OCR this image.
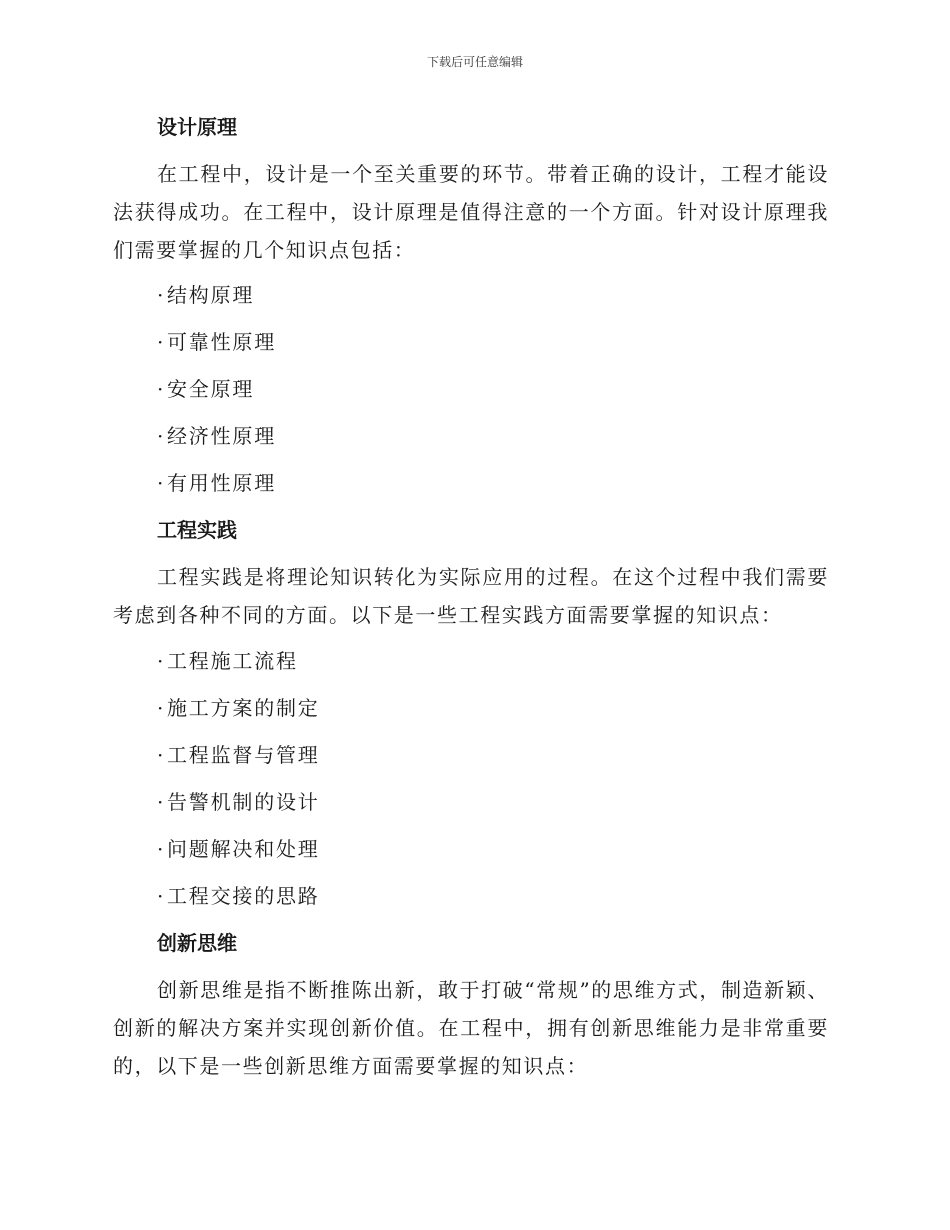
下载后可任意编辑
设计原理
在工程中，设计是一个至关重要的环节。带着正确的设计，工程才能设法获得成功。在工程中，设计原理是值得注意的一个方面。针对设计原理我们需要掌握的几个知识点包括：
· 结构原理
· 可靠性原理
· 安全原理
· 经济性原理
· 有用性原理
工程实践
工程实践是将理论知识转化为实际应用的过程。在这个过程中我们需要考虑到各种不同的方面。以下是一些工程实践方面需要掌握的知识点：
· 工程施工流程
· 施工方案的制定
· 工程监督与管理
· 告警机制的设计
· 问题解决和处理
· 工程交接的思路
创新思维
创新思维是指不断推陈出新，敢于打破“常规”的思维方式，制造新颖、创新的解决方案并实现创新价值。在工程中，拥有创新思维能力是非常重要的，以下是一些创新思维方面需要掌握的知识点：
